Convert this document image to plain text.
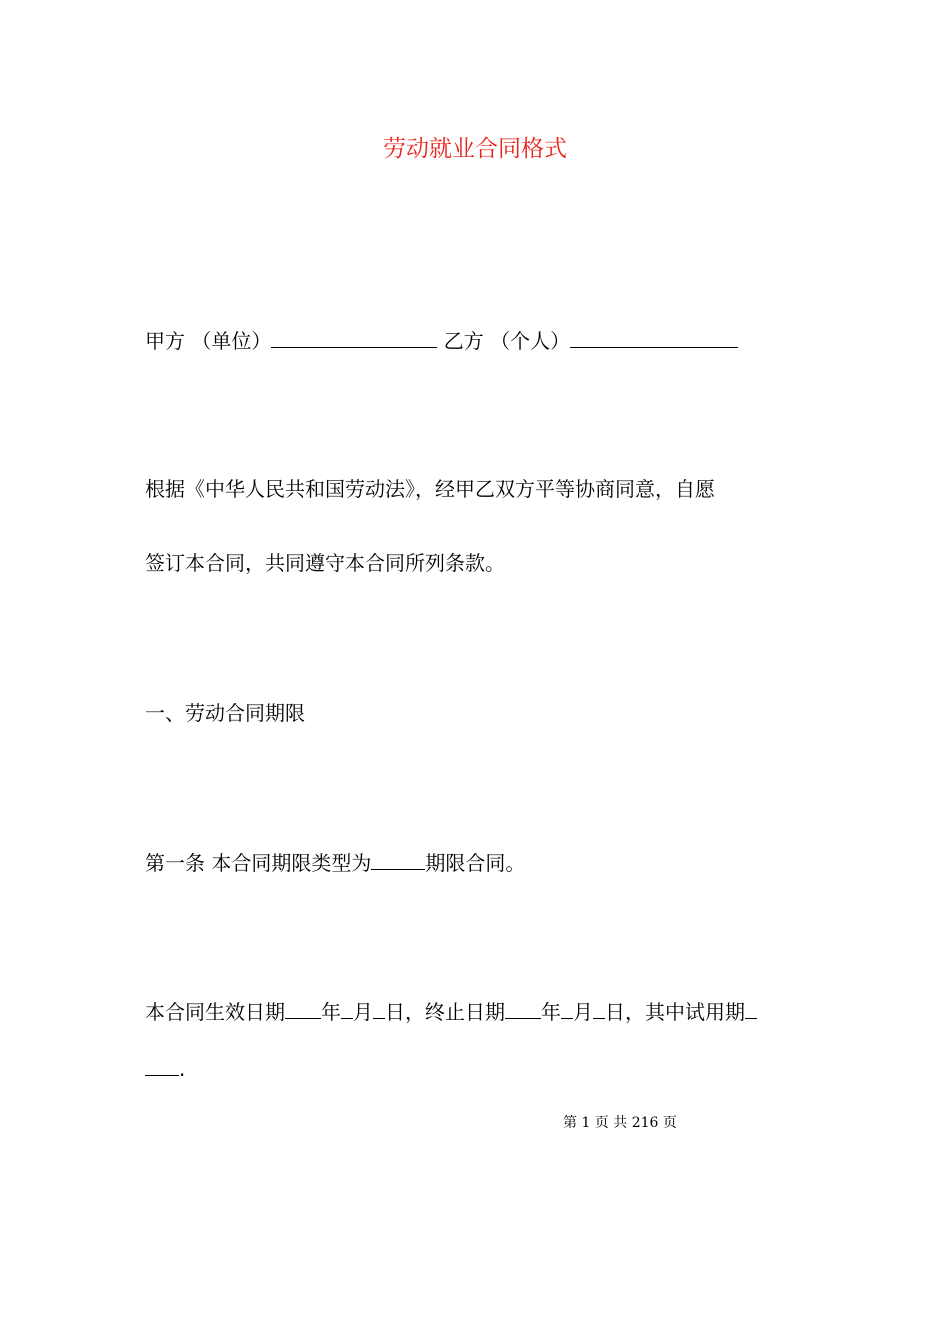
劳动就业合同格式

甲方 （单位）	乙方 （个人）

根据《中华人民共和国劳动法》，经甲乙双方平等协商同意，自愿

签订本合同，共同遵守本合同所列条款。

一、劳动合同期限

第一条 本合同期限类型为	期限合同。

本合同生效日期 年 月 日，终止日期 年 月 日，其中试用期

.

第 1 页 共 216 页
